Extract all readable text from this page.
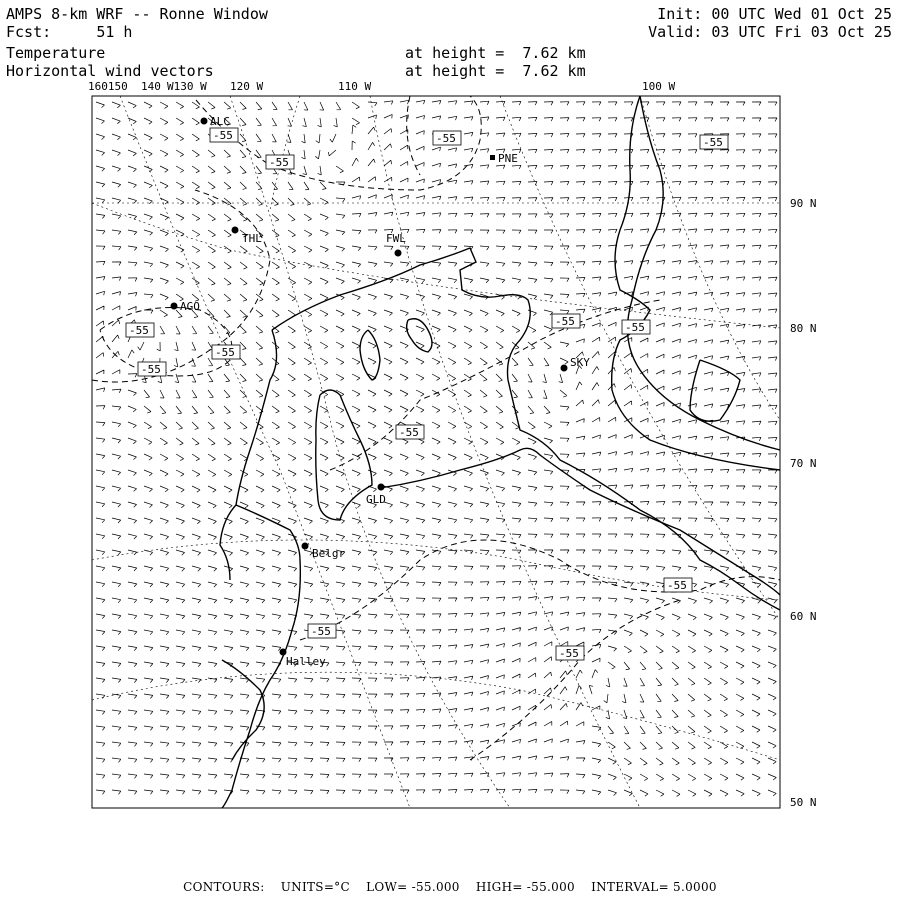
AMPS 8-km WRF -- Ronne Window
Fcst:	51 h
Temperature
Horizontal wind vectors
Init: 00 UTC Wed 01 Oct 25
Valid: 03 UTC Fri 03 Oct 25
at height =  7.62 km
at height =  7.62 km
-55
-55
-55	-55
-55
-55
-55
-55	-55
-55
-55
-55
-55
ALC
PNE
THL	FWL
AGO
SKY
GLD
Belgr
Halley
160150 140 W130 W 120 W	110 W	100 W
90 N
80 N
70 N
60 N
50 N
CONTOURS: UNITS=°C LOW= -55.000 HIGH= -55.000 INTERVAL= 5.0000
